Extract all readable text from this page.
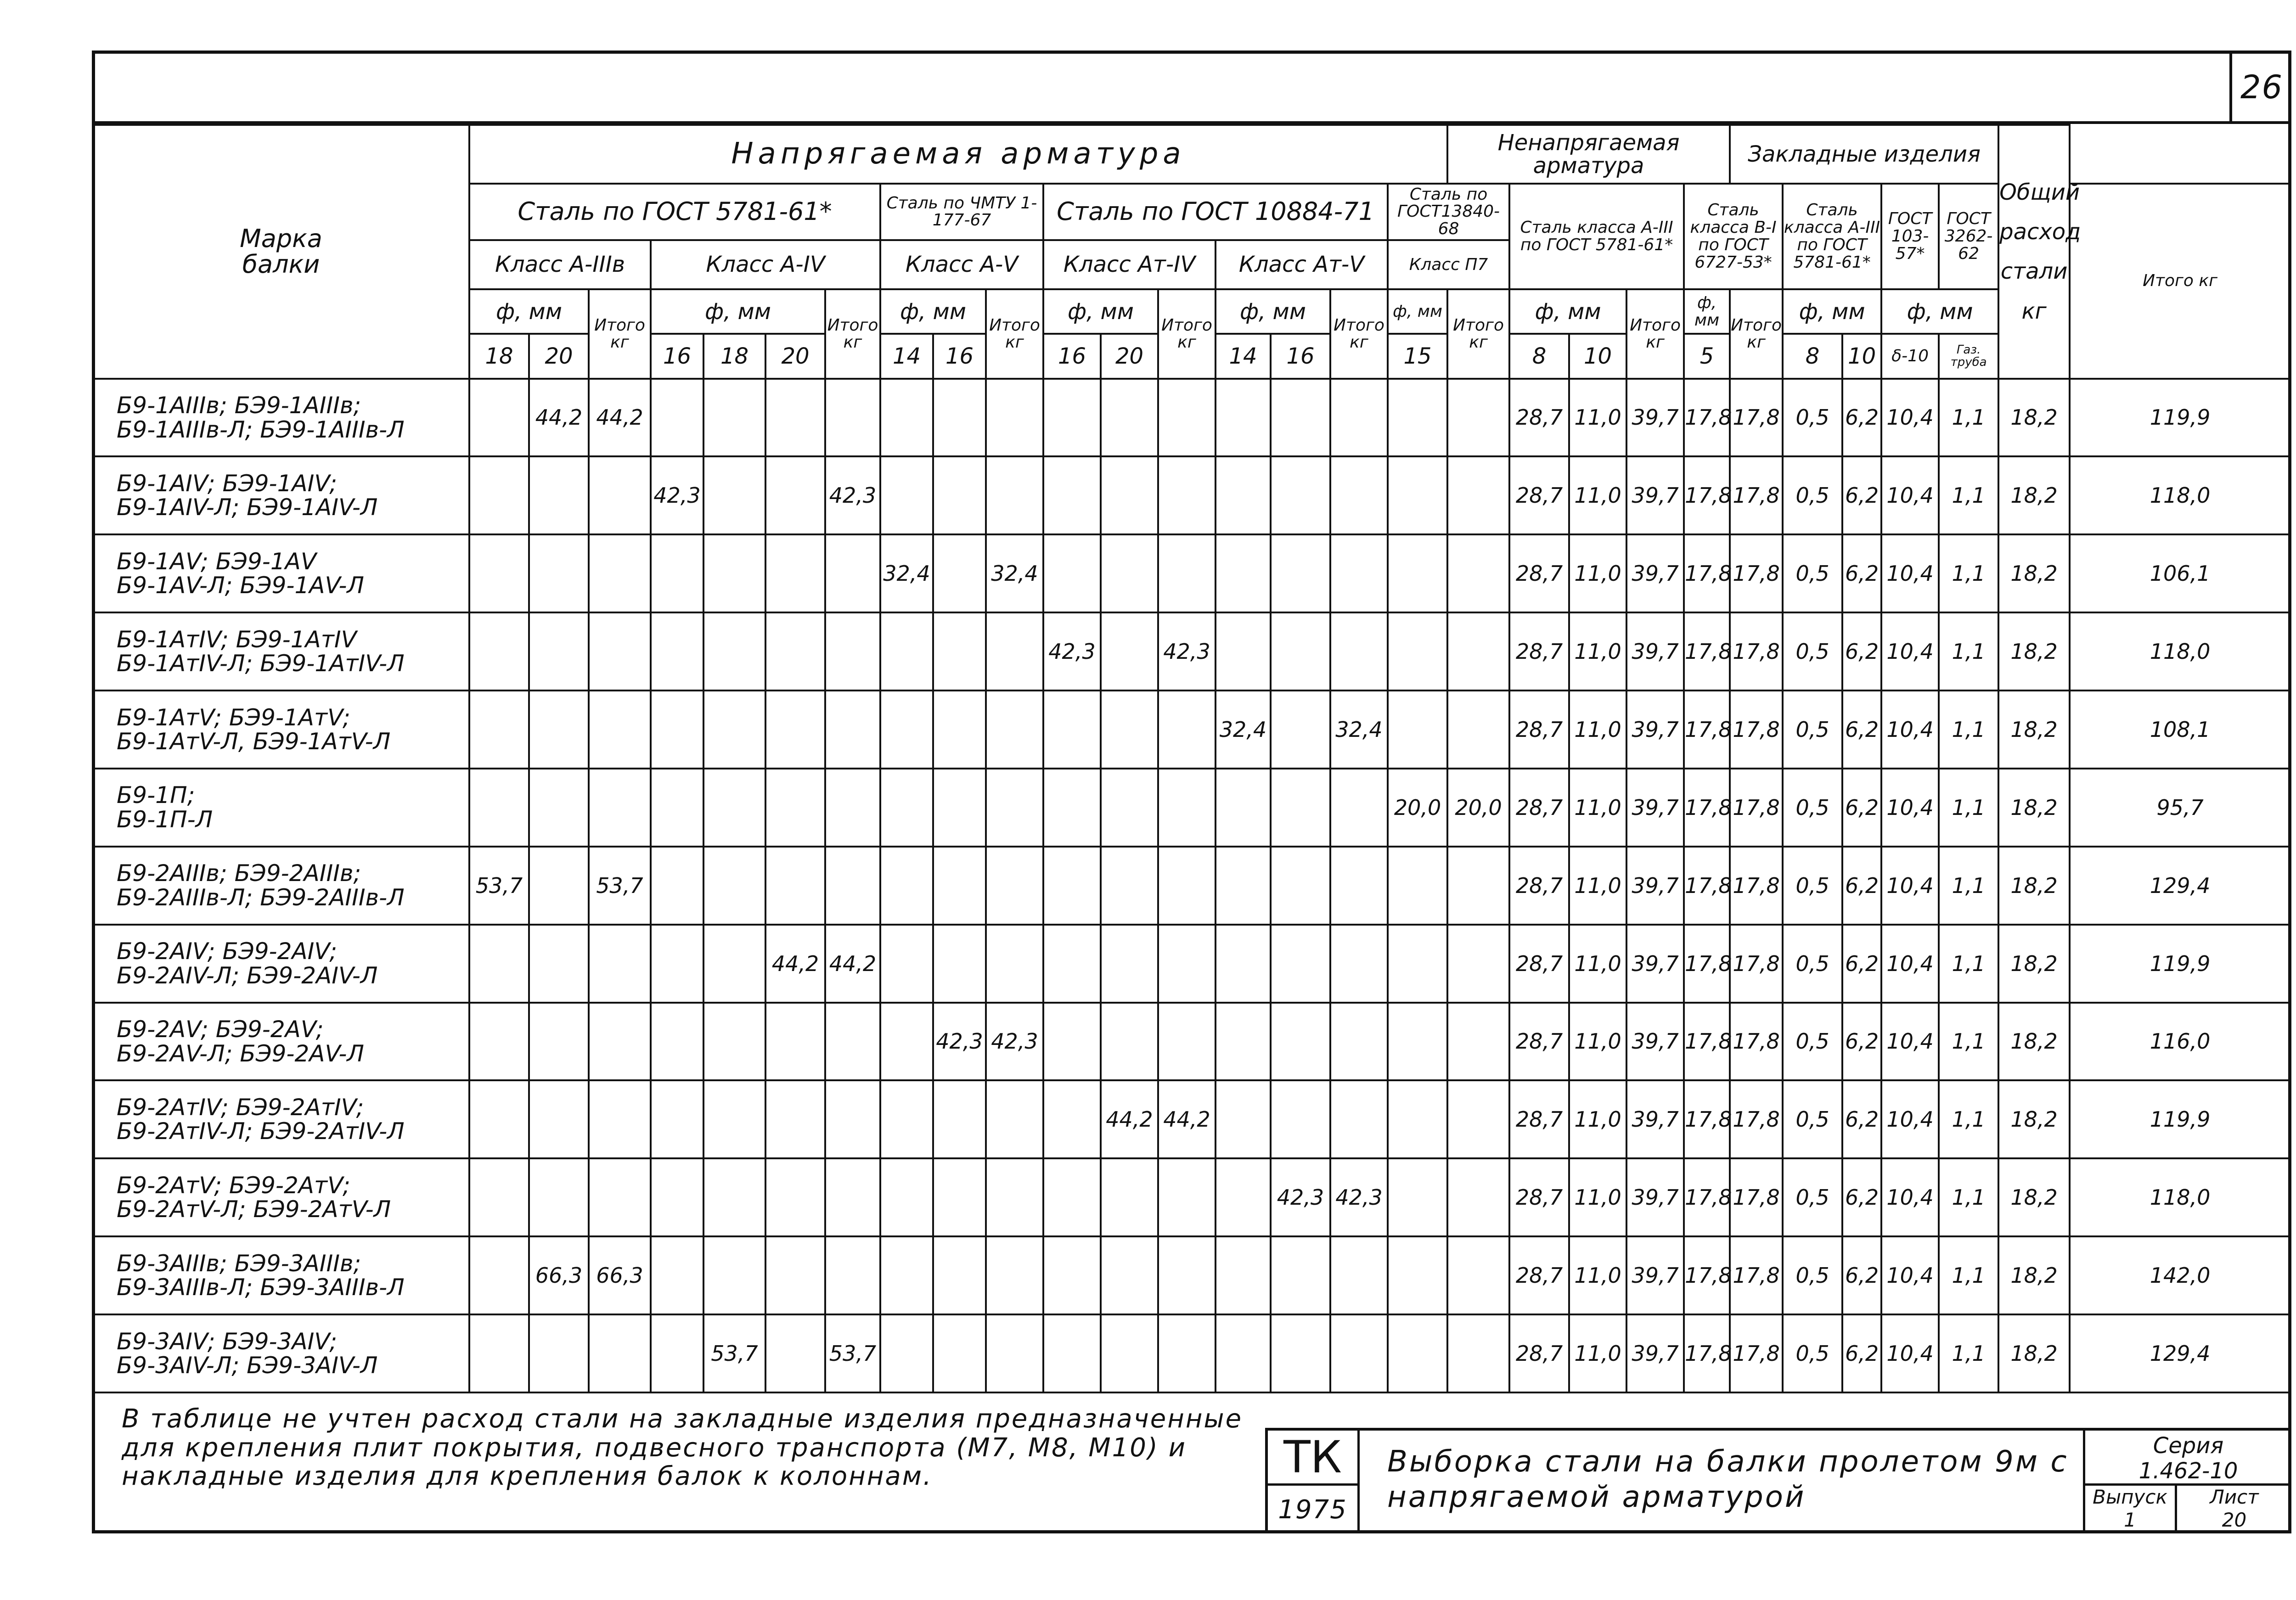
26
Марка
балки	Напрягаемая арматура																	Ненапрягаемая арматура					Закладные изделия					Общий
расход
стали
кг	
	Сталь по ГОСТ 5781-61*							Сталь по ЧМТУ 1-177-67			Сталь по ГОСТ 10884-71						Сталь по ГОСТ13840-68		Сталь класса А-III по ГОСТ 5781-61*			Сталь класса В-I по ГОСТ 6727-53*		Сталь класса А-III по ГОСТ 5781-61*		ГОСТ 103-57*	ГОСТ 3262-62		Итого кг
	Класс А-IIIв			Класс А-IV				Класс А-V			Класс Ат-IV			Класс Ат-V			Класс П7												
	ф, мм		Итого кг	ф, мм			Итого кг	ф, мм		Итого кг	ф, мм		Итого кг	ф, мм		Итого кг	ф, мм	Итого кг	ф, мм		Итого кг	ф, мм	Итого кг	ф, мм		ф, мм			
	18	20		16	18	20		14	16		16	20		14	16		15		8	10		5		8	10	δ-10	Газ. труба		
Б9-1АIIIв; БЭ9-1АIIIв;
Б9-1АIIIв-Л; БЭ9-1АIIIв-Л		44,2	44,2																28,7	11,0	39,7	17,8	17,8	0,5	6,2	10,4	1,1	18,2	119,9
Б9-1АIV; БЭ9-1АIV;
Б9-1АIV-Л; БЭ9-1АIV-Л				42,3			42,3												28,7	11,0	39,7	17,8	17,8	0,5	6,2	10,4	1,1	18,2	118,0
Б9-1АV; БЭ9-1АV
Б9-1АV-Л; БЭ9-1АV-Л								32,4		32,4									28,7	11,0	39,7	17,8	17,8	0,5	6,2	10,4	1,1	18,2	106,1
Б9-1АтIV; БЭ9-1АтIV
Б9-1АтIV-Л; БЭ9-1АтIV-Л											42,3		42,3						28,7	11,0	39,7	17,8	17,8	0,5	6,2	10,4	1,1	18,2	118,0
Б9-1АтV; БЭ9-1АтV;
Б9-1АтV-Л, БЭ9-1АтV-Л														32,4		32,4			28,7	11,0	39,7	17,8	17,8	0,5	6,2	10,4	1,1	18,2	108,1
Б9-1П;
Б9-1П-Л																	20,0	20,0	28,7	11,0	39,7	17,8	17,8	0,5	6,2	10,4	1,1	18,2	95,7
Б9-2АIIIв; БЭ9-2АIIIв;
Б9-2АIIIв-Л; БЭ9-2АIIIв-Л	53,7		53,7																28,7	11,0	39,7	17,8	17,8	0,5	6,2	10,4	1,1	18,2	129,4
Б9-2АIV; БЭ9-2АIV;
Б9-2АIV-Л; БЭ9-2АIV-Л						44,2	44,2												28,7	11,0	39,7	17,8	17,8	0,5	6,2	10,4	1,1	18,2	119,9
Б9-2АV; БЭ9-2АV;
Б9-2АV-Л; БЭ9-2АV-Л									42,3	42,3									28,7	11,0	39,7	17,8	17,8	0,5	6,2	10,4	1,1	18,2	116,0
Б9-2АтIV; БЭ9-2АтIV;
Б9-2АтIV-Л; БЭ9-2АтIV-Л												44,2	44,2						28,7	11,0	39,7	17,8	17,8	0,5	6,2	10,4	1,1	18,2	119,9
Б9-2АтV; БЭ9-2АтV;
Б9-2АтV-Л; БЭ9-2АтV-Л															42,3	42,3			28,7	11,0	39,7	17,8	17,8	0,5	6,2	10,4	1,1	18,2	118,0
Б9-3АIIIв; БЭ9-3АIIIв;
Б9-3АIIIв-Л; БЭ9-3АIIIв-Л		66,3	66,3																28,7	11,0	39,7	17,8	17,8	0,5	6,2	10,4	1,1	18,2	142,0
Б9-3АIV; БЭ9-3АIV;
Б9-3АIV-Л; БЭ9-3АIV-Л					53,7		53,7												28,7	11,0	39,7	17,8	17,8	0,5	6,2	10,4	1,1	18,2	129,4
В таблице не учтен расход стали на закладные изделия предназначенные для крепления плит покрытия, подвесного транспорта (М7, М8, М10) и накладные изделия для крепления балок к колоннам.	ТК
1975
Выборка стали на балки пролетом 9м с напрягаемой арматурой
Серия
1.462-10
Выпуск
1
Лист
20
